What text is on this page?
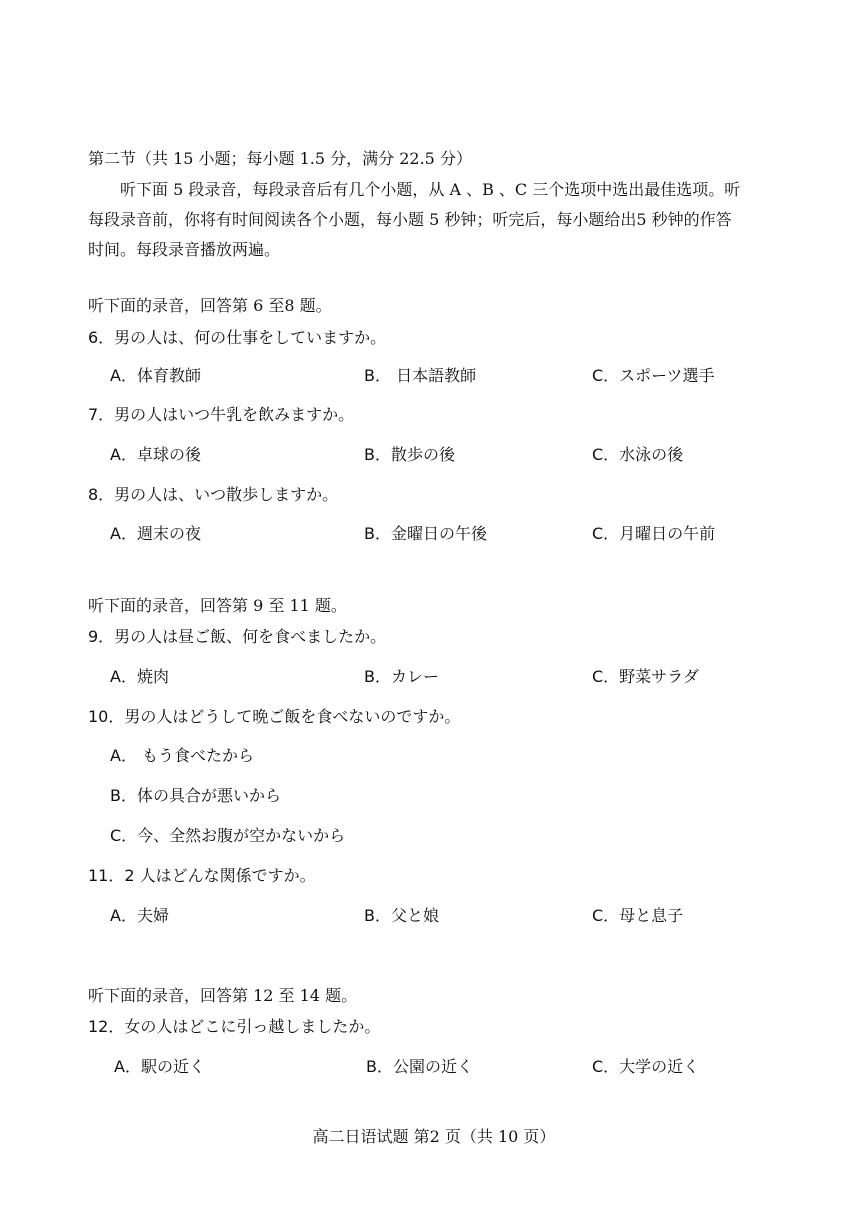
第二节（共 15 小题；每小题 1.5 分，满分 22.5 分）
听下面 5 段录音，每段录音后有几个小题，从 A 、B 、C 三个选项中选出最佳选项。听
每段录音前，你将有时间阅读各个小题，每小题 5 秒钟；听完后，每小题给出5 秒钟的作答
时间。每段录音播放两遍。
听下面的录音，回答第 6 至8 题。
6．男の人は、何の仕事をしていますか。
A．体育教師	B． 日本語教師	C．スポーツ選手
7．男の人はいつ牛乳を飲みますか。
A．卓球の後	B．散歩の後	C．水泳の後
8．男の人は、いつ散歩しますか。
A．週末の夜	B．金曜日の午後	C．月曜日の午前
听下面的录音，回答第 9 至 11 题。
9．男の人は昼ご飯、何を食べましたか。
A．焼肉	B．カレー	C．野菜サラダ
10．男の人はどうして晩ご飯を食べないのですか。
A． もう食べたから
B．体の具合が悪いから
C．今、全然お腹が空かないから
11．2 人はどんな関係ですか。
A．夫婦	B．父と娘	C．母と息子
听下面的录音，回答第 12 至 14 题。
12．女の人はどこに引っ越しましたか。
A．駅の近く	B．公園の近く	C．大学の近く
高二日语试题 第2 页（共 10 页）
